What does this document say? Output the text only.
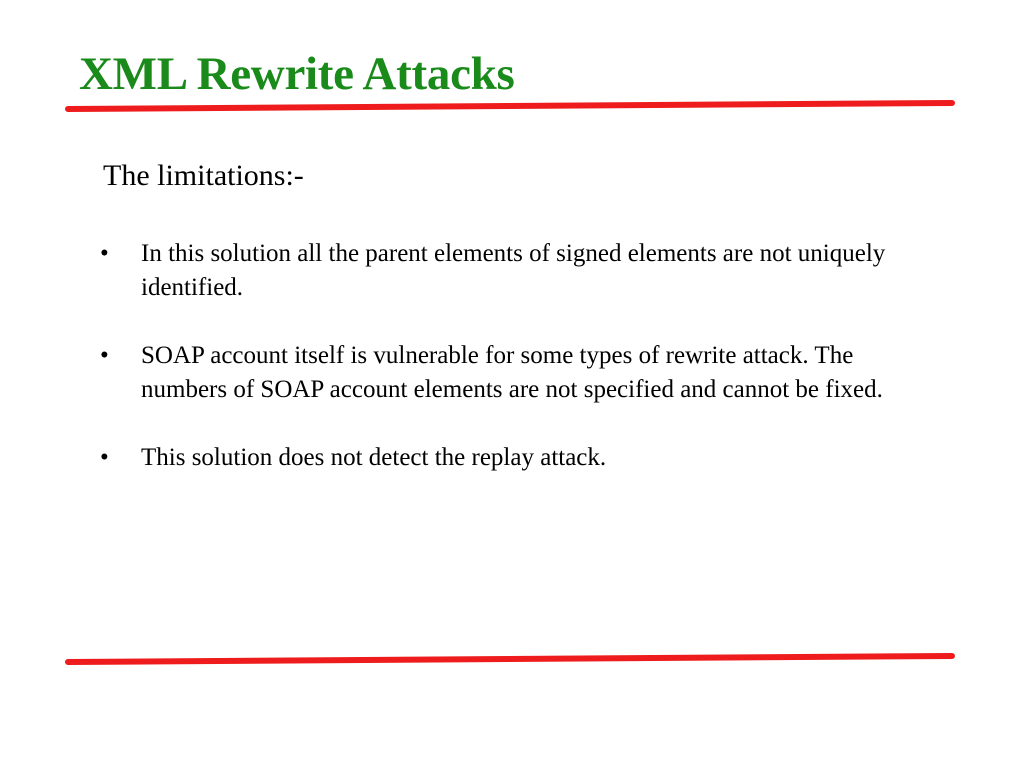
XML Rewrite Attacks

The limitations:-

•	In this solution all the parent elements of signed elements are not uniquely identified.
•	SOAP account itself is vulnerable for some types of rewrite attack. The numbers of SOAP account elements are not specified and cannot be fixed.
•	This solution does not detect the replay attack.
